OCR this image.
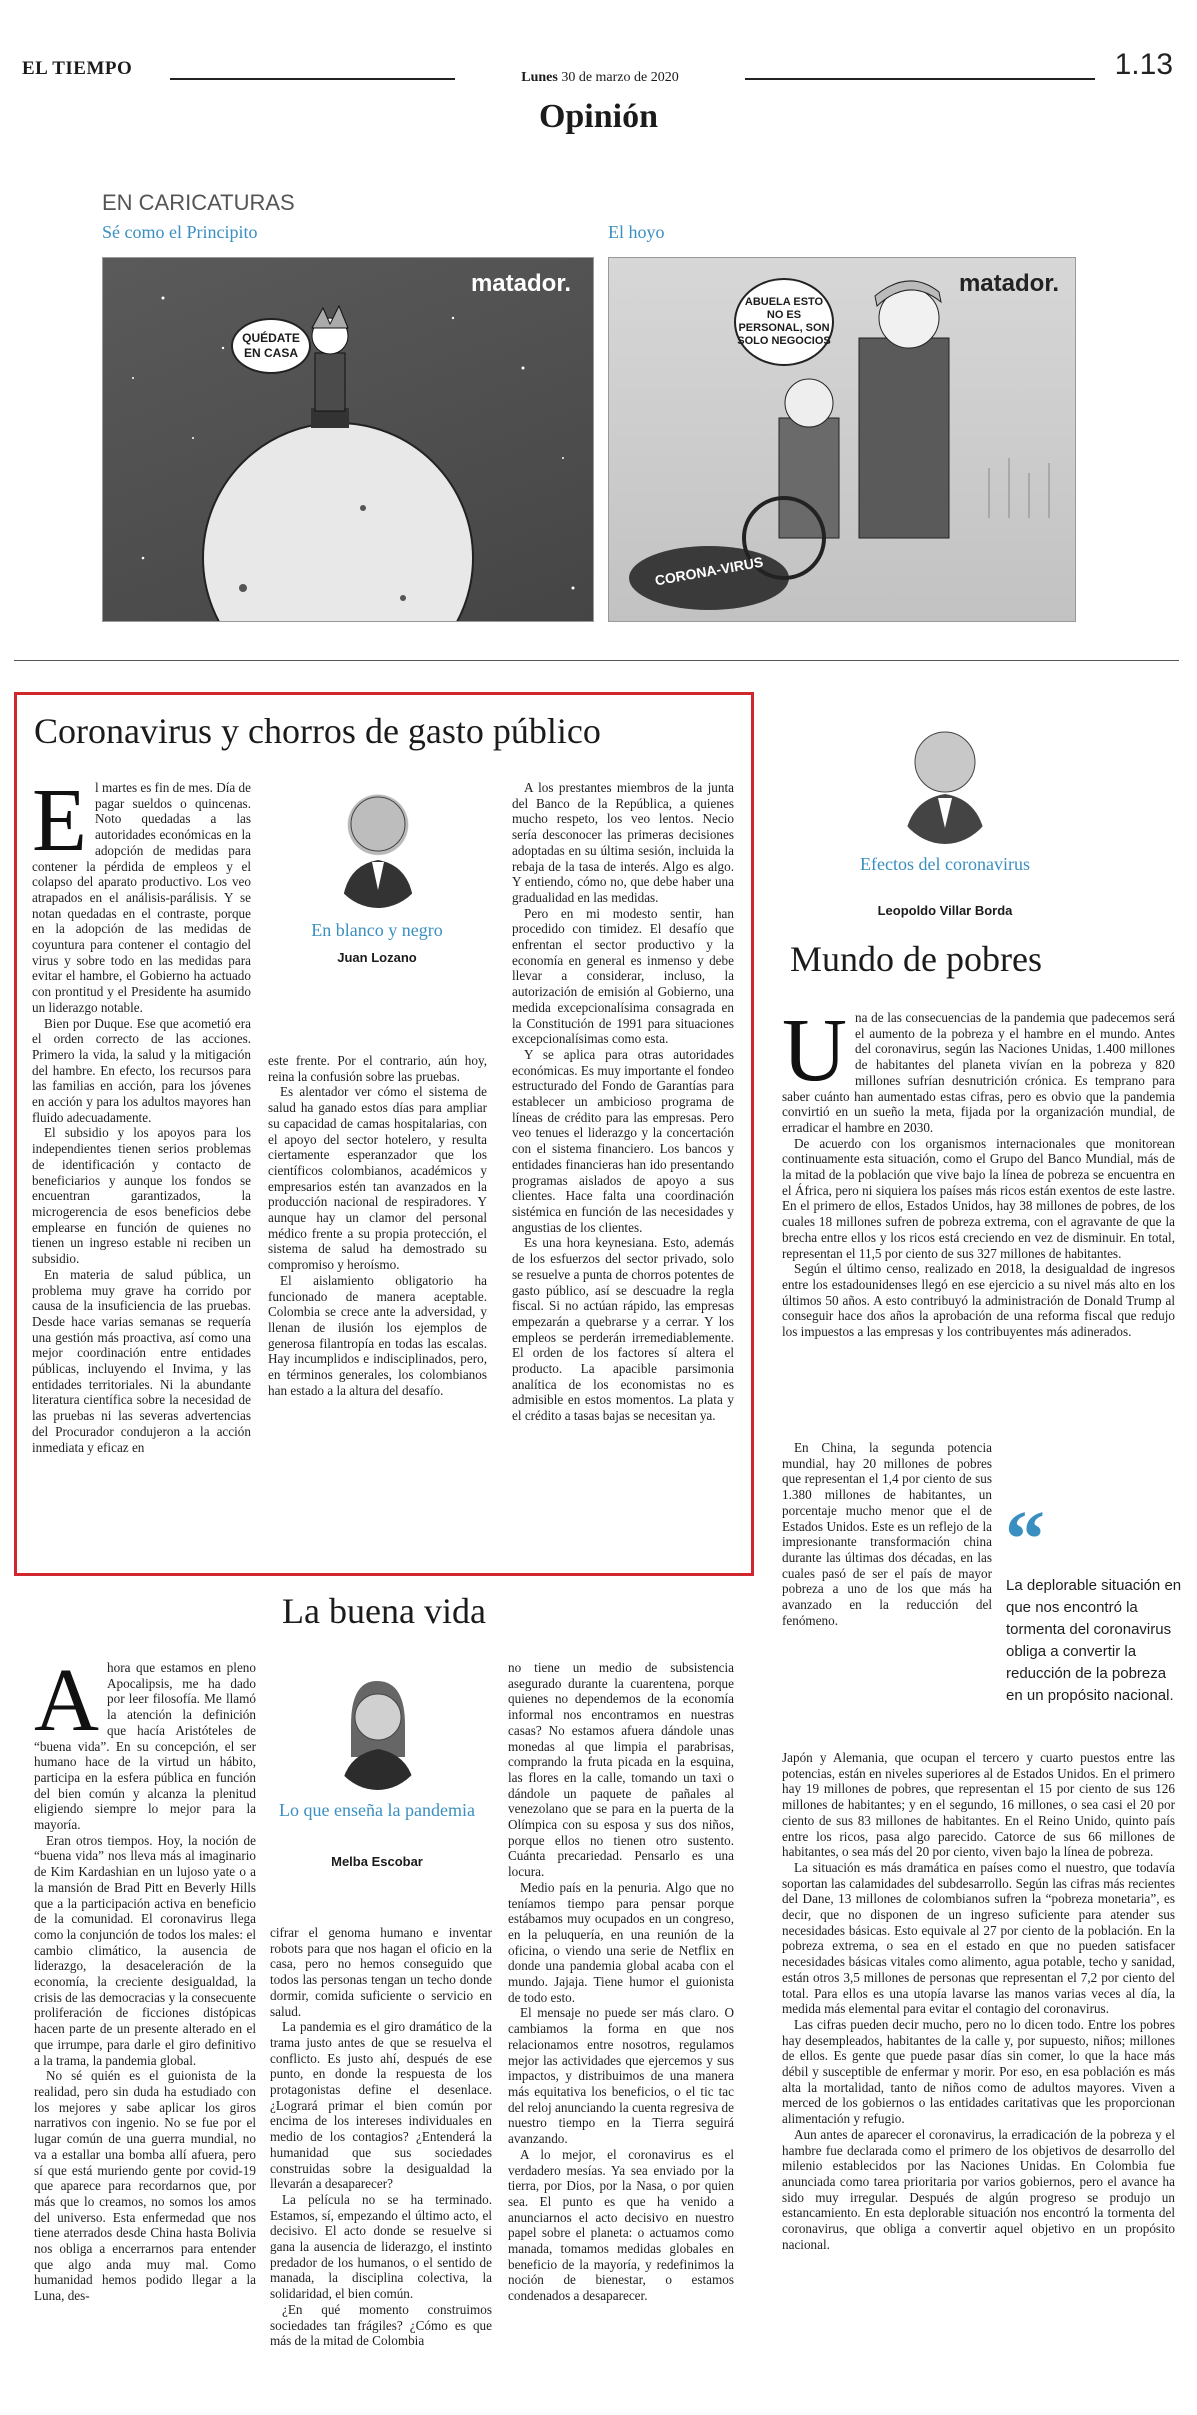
EL TIEMPO	Lunes 30 de marzo de 2020	1.13
Opinión
EN CARICATURAS
Sé como el Principito	El hoyo
matador.
QUÉDATE EN CASA
matador.
ABUELA ESTO NO ES PERSONAL, SON SOLO NEGOCIOS
CORONA-VIRUS
Coronavirus y chorros de gasto público
E l martes es fin de mes. Día de pagar sueldos o quincenas. Noto quedadas a las autoridades económicas en la adopción de medidas para contener la pérdida de empleos y el colapso del aparato productivo. Los veo atrapados en el análisis-parálisis. Y se notan quedadas en el contraste, porque en la adopción de las medidas de coyuntura para contener el contagio del virus y sobre todo en las medidas para evitar el hambre, el Gobierno ha actuado con prontitud y el Presidente ha asumido un liderazgo notable.

Bien por Duque. Ese que acometió era el orden correcto de las acciones. Primero la vida, la salud y la mitigación del hambre. En efecto, los recursos para las familias en acción, para los jóvenes en acción y para los adultos mayores han fluido adecuadamente.

El subsidio y los apoyos para los independientes tienen serios problemas de identificación y contacto de beneficiarios y aunque los fondos se encuentran garantizados, la microgerencia de esos beneficios debe emplearse en función de quienes no tienen un ingreso estable ni reciben un subsidio.

En materia de salud pública, un problema muy grave ha corrido por causa de la insuficiencia de las pruebas. Desde hace varias semanas se requería una gestión más proactiva, así como una mejor coordinación entre entidades públicas, incluyendo el Invima, y las entidades territoriales. Ni la abundante literatura científica sobre la necesidad de las pruebas ni las severas advertencias del Procurador condujeron a la acción inmediata y eficaz en

En blanco y negro
Juan Lozano

este frente. Por el contrario, aún hoy, reina la confusión sobre las pruebas.

Es alentador ver cómo el sistema de salud ha ganado estos días para ampliar su capacidad de camas hospitalarias, con el apoyo del sector hotelero, y resulta ciertamente esperanzador que los científicos colombianos, académicos y empresarios estén tan avanzados en la producción nacional de respiradores. Y aunque hay un clamor del personal médico frente a su propia protección, el sistema de salud ha demostrado su compromiso y heroísmo.

El aislamiento obligatorio ha funcionado de manera aceptable. Colombia se crece ante la adversidad, y llenan de ilusión los ejemplos de generosa filantropía en todas las escalas. Hay incumplidos e indisciplinados, pero, en términos generales, los colombianos han estado a la altura del desafío.

A los prestantes miembros de la junta del Banco de la República, a quienes mucho respeto, los veo lentos. Necio sería desconocer las primeras decisiones adoptadas en su última sesión, incluida la rebaja de la tasa de interés. Algo es algo. Y entiendo, cómo no, que debe haber una gradualidad en las medidas.

Pero en mi modesto sentir, han procedido con timidez. El desafío que enfrentan el sector productivo y la economía en general es inmenso y debe llevar a considerar, incluso, la autorización de emisión al Gobierno, una medida excepcionalísima consagrada en la Constitución de 1991 para situaciones excepcionalísimas como esta.

Y se aplica para otras autoridades económicas. Es muy importante el fondeo estructurado del Fondo de Garantías para establecer un ambicioso programa de líneas de crédito para las empresas. Pero veo tenues el liderazgo y la concertación con el sistema financiero. Los bancos y entidades financieras han ido presentando programas aislados de apoyo a sus clientes. Hace falta una coordinación sistémica en función de las necesidades y angustias de los clientes.

Es una hora keynesiana. Esto, además de los esfuerzos del sector privado, solo se resuelve a punta de chorros potentes de gasto público, así se descuadre la regla fiscal. Si no actúan rápido, las empresas empezarán a quebrarse y a cerrar. Y los empleos se perderán irremediablemente. El orden de los factores sí altera el producto. La apacible parsimonia analítica de los economistas no es admisible en estos momentos. La plata y el crédito a tasas bajas se necesitan ya.

Efectos del coronavirus
Leopoldo Villar Borda
Mundo de pobres
U na de las consecuencias de la pandemia que padecemos será el aumento de la pobreza y el hambre en el mundo. Antes del coronavirus, según las Naciones Unidas, 1.400 millones de habitantes del planeta vivían en la pobreza y 820 millones sufrían desnutrición crónica. Es temprano para saber cuánto han aumentado estas cifras, pero es obvio que la pandemia convirtió en un sueño la meta, fijada por la organización mundial, de erradicar el hambre en 2030.

De acuerdo con los organismos internacionales que monitorean continuamente esta situación, como el Grupo del Banco Mundial, más de la mitad de la población que vive bajo la línea de pobreza se encuentra en el África, pero ni siquiera los países más ricos están exentos de este lastre. En el primero de ellos, Estados Unidos, hay 38 millones de pobres, de los cuales 18 millones sufren de pobreza extrema, con el agravante de que la brecha entre ellos y los ricos está creciendo en vez de disminuir. En total, representan el 11,5 por ciento de sus 327 millones de habitantes.

Según el último censo, realizado en 2018, la desigualdad de ingresos entre los estadounidenses llegó en ese ejercicio a su nivel más alto en los últimos 50 años. A esto contribuyó la administración de Donald Trump al conseguir hace dos años la aprobación de una reforma fiscal que redujo los impuestos a las empresas y los contribuyentes más adinerados.

En China, la segunda potencia mundial, hay 20 millones de pobres que representan el 1,4 por ciento de sus 1.380 millones de habitantes, un porcentaje mucho menor que el de Estados Unidos. Este es un reflejo de la impresionante transformación china durante las últimas dos décadas, en las cuales pasó de ser el país de mayor pobreza a uno de los que más ha avanzado en la reducción del fenómeno.

“
La deplorable situación en que nos encontró la tormenta del coronavirus obliga a convertir la reducción de la pobreza en un propósito nacional.

Japón y Alemania, que ocupan el tercero y cuarto puestos entre las potencias, están en niveles superiores al de Estados Unidos. En el primero hay 19 millones de pobres, que representan el 15 por ciento de sus 126 millones de habitantes; y en el segundo, 16 millones, o sea casi el 20 por ciento de sus 83 millones de habitantes. En el Reino Unido, quinto país entre los ricos, pasa algo parecido. Catorce de sus 66 millones de habitantes, o sea más del 20 por ciento, viven bajo la línea de pobreza.

La situación es más dramática en países como el nuestro, que todavía soportan las calamidades del subdesarrollo. Según las cifras más recientes del Dane, 13 millones de colombianos sufren la “pobreza monetaria”, es decir, que no disponen de un ingreso suficiente para atender sus necesidades básicas. Esto equivale al 27 por ciento de la población. En la pobreza extrema, o sea en el estado en que no pueden satisfacer necesidades básicas vitales como alimento, agua potable, techo y sanidad, están otros 3,5 millones de personas que representan el 7,2 por ciento del total. Para ellos es una utopía lavarse las manos varias veces al día, la medida más elemental para evitar el contagio del coronavirus.

Las cifras pueden decir mucho, pero no lo dicen todo. Entre los pobres hay desempleados, habitantes de la calle y, por supuesto, niños; millones de ellos. Es gente que puede pasar días sin comer, lo que la hace más débil y susceptible de enfermar y morir. Por eso, en esa población es más alta la mortalidad, tanto de niños como de adultos mayores. Viven a merced de los gobiernos o las entidades caritativas que les proporcionan alimentación y refugio.

Aun antes de aparecer el coronavirus, la erradicación de la pobreza y el hambre fue declarada como el primero de los objetivos de desarrollo del milenio establecidos por las Naciones Unidas. En Colombia fue anunciada como tarea prioritaria por varios gobiernos, pero el avance ha sido muy irregular. Después de algún progreso se produjo un estancamiento. En esta deplorable situación nos encontró la tormenta del coronavirus, que obliga a convertir aquel objetivo en un propósito nacional.

La buena vida
A hora que estamos en pleno Apocalipsis, me ha dado por leer filosofía. Me llamó la atención la definición que hacía Aristóteles de “buena vida”. En su concepción, el ser humano hace de la virtud un hábito, participa en la esfera pública en función del bien común y alcanza la plenitud eligiendo siempre lo mejor para la mayoría.

Eran otros tiempos. Hoy, la noción de “buena vida” nos lleva más al imaginario de Kim Kardashian en un lujoso yate o a la mansión de Brad Pitt en Beverly Hills que a la participación activa en beneficio de la comunidad. El coronavirus llega como la conjunción de todos los males: el cambio climático, la ausencia de liderazgo, la desaceleración de la economía, la creciente desigualdad, la crisis de las democracias y la consecuente proliferación de ficciones distópicas hacen parte de un presente alterado en el que irrumpe, para darle el giro definitivo a la trama, la pandemia global.

No sé quién es el guionista de la realidad, pero sin duda ha estudiado con los mejores y sabe aplicar los giros narrativos con ingenio. No se fue por el lugar común de una guerra mundial, no va a estallar una bomba allí afuera, pero sí que está muriendo gente por covid-19 que aparece para recordarnos que, por más que lo creamos, no somos los amos del universo. Esta enfermedad que nos tiene aterrados desde China hasta Bolivia nos obliga a encerrarnos para entender que algo anda muy mal. Como humanidad hemos podido llegar a la Luna, des-

Lo que enseña la pandemia
Melba Escobar

cifrar el genoma humano e inventar robots para que nos hagan el oficio en la casa, pero no hemos conseguido que todos las personas tengan un techo donde dormir, comida suficiente o servicio en salud.

La pandemia es el giro dramático de la trama justo antes de que se resuelva el conflicto. Es justo ahí, después de ese punto, en donde la respuesta de los protagonistas define el desenlace. ¿Logrará primar el bien común por encima de los intereses individuales en medio de los contagios? ¿Entenderá la humanidad que sus sociedades construidas sobre la desigualdad la llevarán a desaparecer?

La película no se ha terminado. Estamos, sí, empezando el último acto, el decisivo. El acto donde se resuelve si gana la ausencia de liderazgo, el instinto predador de los humanos, o el sentido de manada, la disciplina colectiva, la solidaridad, el bien común.

¿En qué momento construimos sociedades tan frágiles? ¿Cómo es que más de la mitad de Colombia

no tiene un medio de subsistencia asegurado durante la cuarentena, porque quienes no dependemos de la economía informal nos encontramos en nuestras casas? No estamos afuera dándole unas monedas al que limpia el parabrisas, comprando la fruta picada en la esquina, las flores en la calle, tomando un taxi o dándole un paquete de pañales al venezolano que se para en la puerta de la Olímpica con su esposa y sus dos niños, porque ellos no tienen otro sustento. Cuánta precariedad. Pensarlo es una locura.

Medio país en la penuria. Algo que no teníamos tiempo para pensar porque estábamos muy ocupados en un congreso, en la peluquería, en una reunión de la oficina, o viendo una serie de Netflix en donde una pandemia global acaba con el mundo. Jajaja. Tiene humor el guionista de todo esto.

El mensaje no puede ser más claro. O cambiamos la forma en que nos relacionamos entre nosotros, regulamos mejor las actividades que ejercemos y sus impactos, y distribuimos de una manera más equitativa los beneficios, o el tic tac del reloj anunciando la cuenta regresiva de nuestro tiempo en la Tierra seguirá avanzando.

A lo mejor, el coronavirus es el verdadero mesías. Ya sea enviado por la tierra, por Dios, por la Nasa, o por quien sea. El punto es que ha venido a anunciarnos el acto decisivo en nuestro papel sobre el planeta: o actuamos como manada, tomamos medidas globales en beneficio de la mayoría, y redefinimos la noción de bienestar, o estamos condenados a desaparecer.
